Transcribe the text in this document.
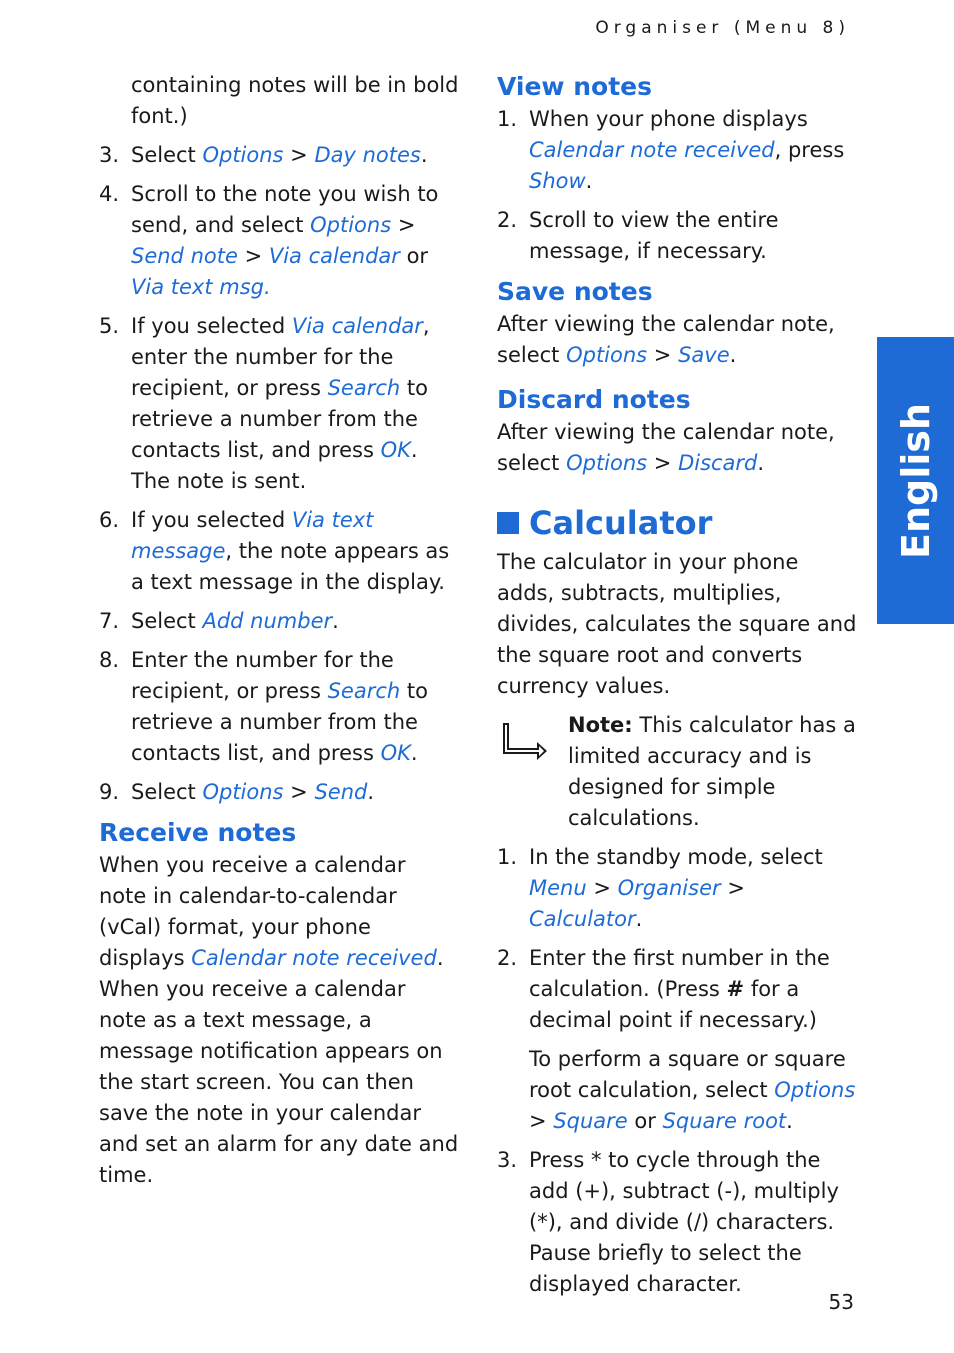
Organiser (Menu 8)

containing notes will be in bold font.)

3. Select Options > Day notes.
4. Scroll to the note you wish to send, and select Options > Send note > Via calendar or Via text msg.
5. If you selected Via calendar, enter the number for the recipient, or press Search to retrieve a number from the contacts list, and press OK. The note is sent.
6. If you selected Via text message, the note appears as a text message in the display.
7. Select Add number.
8. Enter the number for the recipient, or press Search to retrieve a number from the contacts list, and press OK.
9. Select Options > Send.
Receive notes

When you receive a calendar note in calendar-to-calendar (vCal) format, your phone displays Calendar note received. When you receive a calendar note as a text message, a message notification appears on the start screen. You can then save the note in your calendar and set an alarm for any date and time.

View notes
1. When your phone displays Calendar note received, press Show.
2. Scroll to view the entire message, if necessary.
Save notes

After viewing the calendar note, select Options > Save.

Discard notes

After viewing the calendar note, select Options > Discard.

Calculator

The calculator in your phone adds, subtracts, multiplies, divides, calculates the square and the square root and converts currency values.

Note: This calculator has a limited accuracy and is designed for simple calculations.
1. In the standby mode, select Menu > Organiser > Calculator.
2. Enter the first number in the calculation. (Press # for a decimal point if necessary.)

To perform a square or square root calculation, select Options > Square or Square root.

3. Press * to cycle through the add (+), subtract (-), multiply (*), and divide (/) characters. Pause briefly to select the displayed character.
English
53
